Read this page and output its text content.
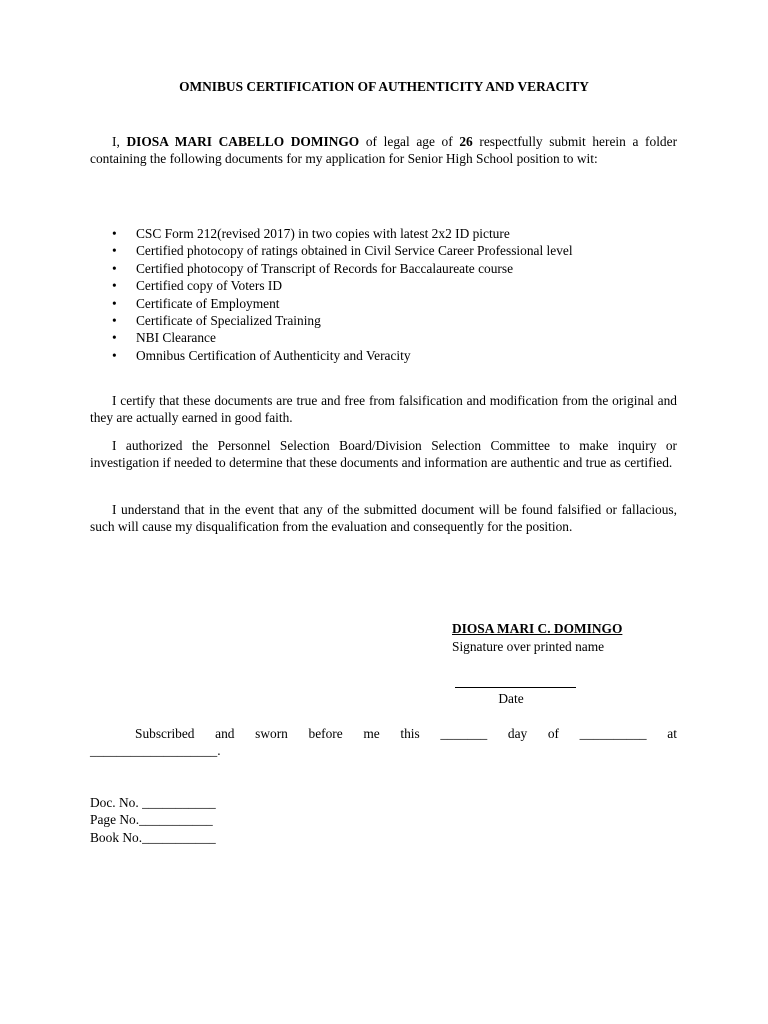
OMNIBUS CERTIFICATION OF AUTHENTICITY AND VERACITY

I, DIOSA MARI CABELLO DOMINGO of legal age of 26 respectfully submit herein a folder containing the following documents for my application for Senior High School position to wit:

•	CSC Form 212(revised 2017) in two copies with latest 2x2 ID picture
•	Certified photocopy of ratings obtained in Civil Service Career Professional level
•	Certified photocopy of Transcript of Records for Baccalaureate course
•	Certified copy of Voters ID
•	Certificate of Employment
•	Certificate of Specialized Training
•	NBI Clearance
•	Omnibus Certification of Authenticity and Veracity

I certify that these documents are true and free from falsification and modification from the original and they are actually earned in good faith.

I authorized the Personnel Selection Board/Division Selection Committee to make inquiry or investigation if needed to determine that these documents and information are authentic and true as certified.

I understand that in the event that any of the submitted document will be found falsified or fallacious, such will cause my disqualification from the evaluation and consequently for the position.

DIOSA MARI C. DOMINGO
Signature over printed name
Date
Subscribed and sworn before me this _______ day of __________ at
___________________.
Doc. No. ___________
Page No.___________
Book No.___________
